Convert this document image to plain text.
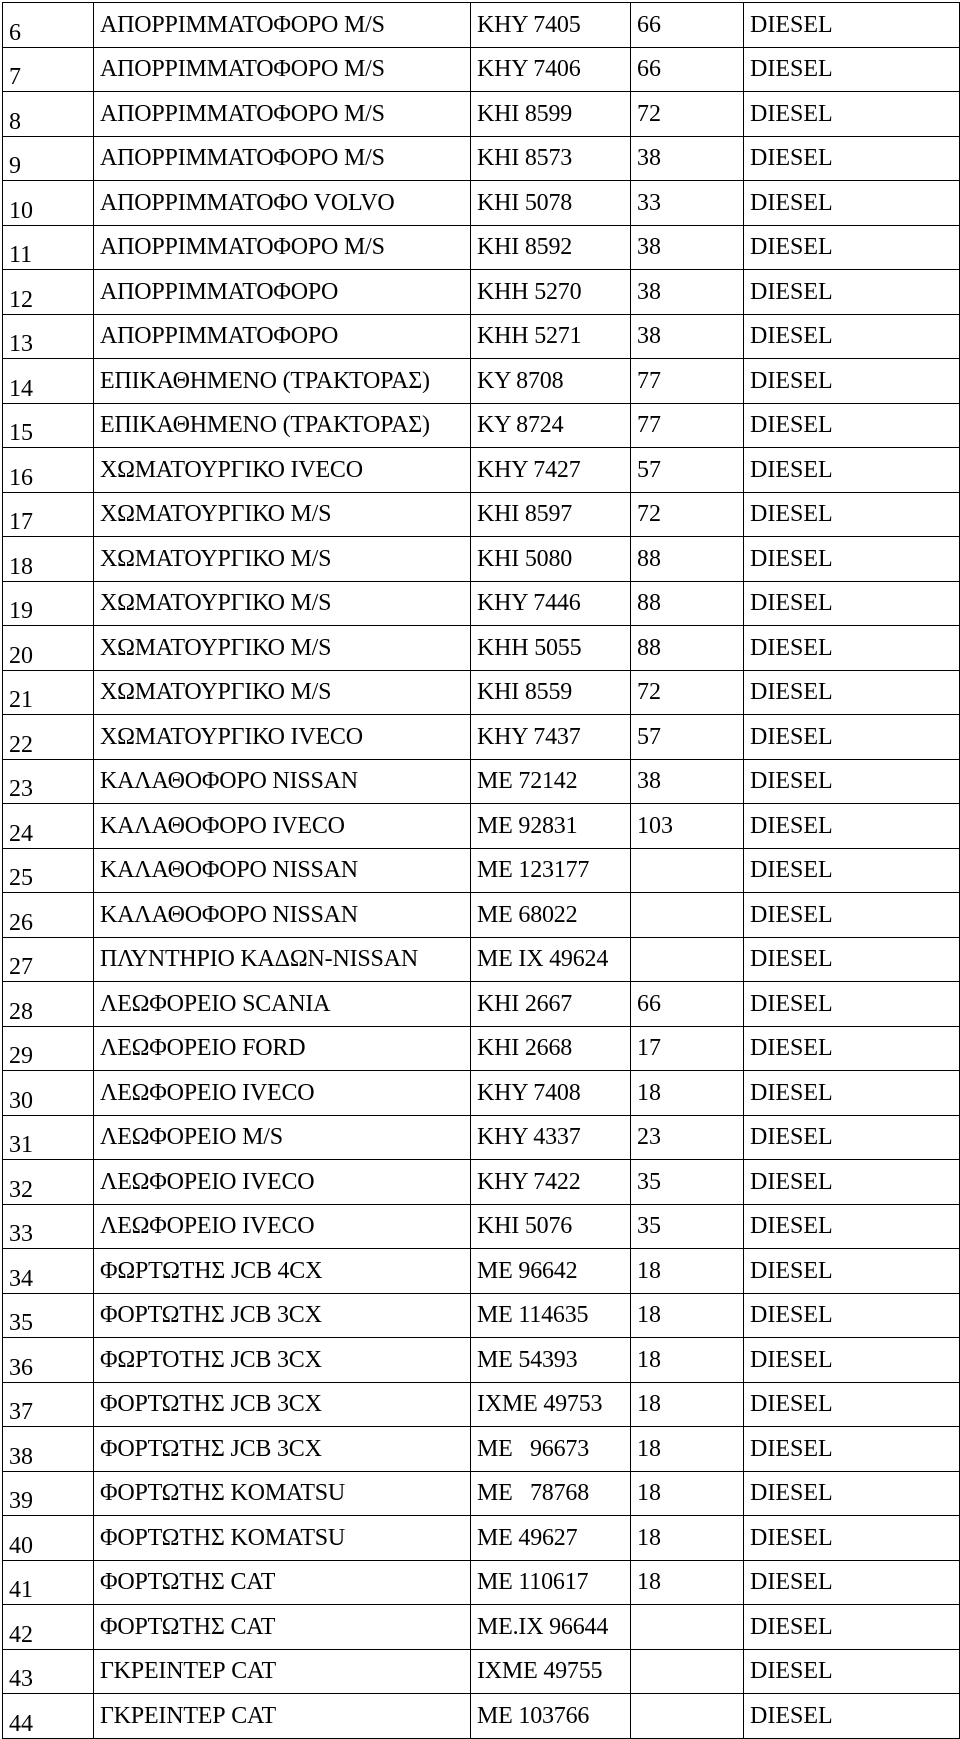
6	ΑΠΟΡΡΙΜΜΑΤΟΦΟΡΟ M/S	ΚΗΥ 7405	66	DIESEL
7	ΑΠΟΡΡΙΜΜΑΤΟΦΟΡΟ M/S	ΚΗΥ 7406	66	DIESEL
8	ΑΠΟΡΡΙΜΜΑΤΟΦΟΡΟ M/S	ΚΗΙ 8599	72	DIESEL
9	ΑΠΟΡΡΙΜΜΑΤΟΦΟΡΟ M/S	ΚΗΙ 8573	38	DIESEL
10	ΑΠΟΡΡΙΜΜΑΤΟΦΟ VOLVO	ΚΗΙ 5078	33	DIESEL
11	ΑΠΟΡΡΙΜΜΑΤΟΦΟΡΟ M/S	ΚΗΙ 8592	38	DIESEL
12	ΑΠΟΡΡΙΜΜΑΤΟΦΟΡΟ	ΚΗΗ 5270	38	DIESEL
13	ΑΠΟΡΡΙΜΜΑΤΟΦΟΡΟ	ΚΗΗ 5271	38	DIESEL
14	ΕΠΙΚΑΘΗΜΕΝΟ (ΤΡΑΚΤΟΡΑΣ)	ΚΥ 8708	77	DIESEL
15	ΕΠΙΚΑΘΗΜΕΝΟ (ΤΡΑΚΤΟΡΑΣ)	ΚΥ 8724	77	DIESEL
16	ΧΩΜΑΤΟΥΡΓΙΚΟ IVECO	ΚΗΥ 7427	57	DIESEL
17	ΧΩΜΑΤΟΥΡΓΙΚΟ M/S	ΚΗΙ 8597	72	DIESEL
18	ΧΩΜΑΤΟΥΡΓΙΚΟ M/S	ΚΗΙ 5080	88	DIESEL
19	ΧΩΜΑΤΟΥΡΓΙΚΟ M/S	ΚΗΥ 7446	88	DIESEL
20	ΧΩΜΑΤΟΥΡΓΙΚΟ M/S	ΚΗΗ 5055	88	DIESEL
21	ΧΩΜΑΤΟΥΡΓΙΚΟ M/S	ΚΗΙ 8559	72	DIESEL
22	ΧΩΜΑΤΟΥΡΓΙΚΟ IVECO	ΚΗΥ 7437	57	DIESEL
23	ΚΑΛΑΘΟΦΟΡΟ NISSAN	ΜΕ 72142	38	DIESEL
24	ΚΑΛΑΘΟΦΟΡΟ IVECO	ΜΕ 92831	103	DIESEL
25	ΚΑΛΑΘΟΦΟΡΟ NISSAN	ΜΕ 123177		DIESEL
26	ΚΑΛΑΘΟΦΟΡΟ NISSAN	ΜΕ 68022		DIESEL
27	ΠΛΥΝΤΗΡΙΟ ΚΑΔΩΝ-NISSAN	ΜΕ ΙΧ 49624		DIESEL
28	ΛΕΩΦΟΡΕΙΟ SCANIA	ΚΗΙ 2667	66	DIESEL
29	ΛΕΩΦΟΡΕΙΟ FORD	ΚΗΙ 2668	17	DIESEL
30	ΛΕΩΦΟΡΕΙΟ IVECO	ΚΗΥ 7408	18	DIESEL
31	ΛΕΩΦΟΡΕΙΟ M/S	ΚΗΥ 4337	23	DIESEL
32	ΛΕΩΦΟΡΕΙΟ IVECO	ΚΗΥ 7422	35	DIESEL
33	ΛΕΩΦΟΡΕΙΟ IVECO	ΚΗΙ 5076	35	DIESEL
34	ΦΩΡΤΩΤΗΣ JCB 4CX	ΜΕ 96642	18	DIESEL
35	ΦΟΡΤΩΤΗΣ JCB 3CX	ΜΕ 114635	18	DIESEL
36	ΦΩΡΤΟΤΗΣ JCB 3CX	ΜΕ 54393	18	DIESEL
37	ΦΟΡΤΩΤΗΣ JCB 3CX	ΙΧΜΕ 49753	18	DIESEL
38	ΦΟΡΤΩΤΗΣ JCB 3CX	ΜΕ   96673	18	DIESEL
39	ΦΟΡΤΩΤΗΣ KOMATSU	ΜΕ   78768	18	DIESEL
40	ΦΟΡΤΩΤΗΣ KOMATSU	ΜΕ 49627	18	DIESEL
41	ΦΟΡΤΩΤΗΣ CAT	ΜΕ 110617	18	DIESEL
42	ΦΟΡΤΩΤΗΣ CAT	ΜΕ.ΙΧ 96644		DIESEL
43	ΓΚΡΕΙΝΤΕΡ CAT	ΙΧΜΕ 49755		DIESEL
44	ΓΚΡΕΙΝΤΕΡ CAT	ΜΕ 103766		DIESEL
